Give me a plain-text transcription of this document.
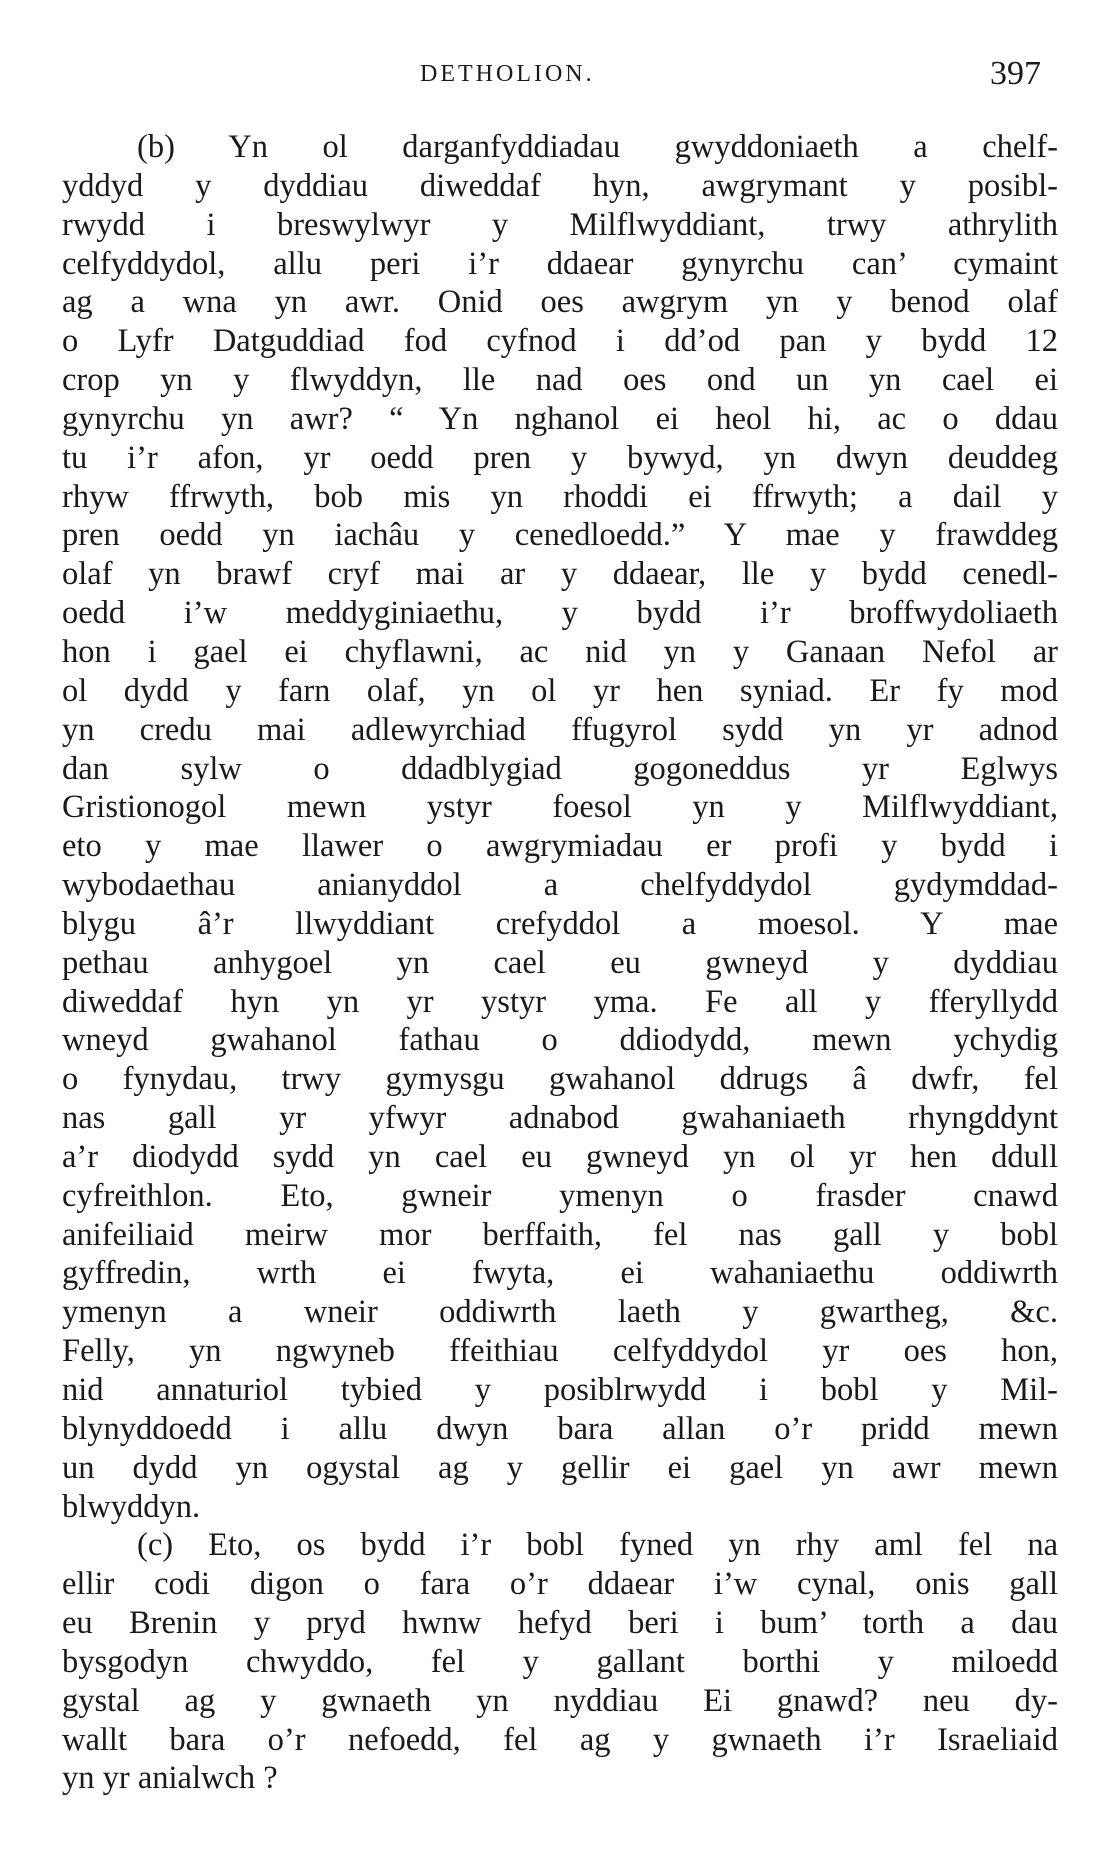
DETHOLION.	397
(b) Yn ol darganfyddiadau gwyddoniaeth a chelf-
yddyd y dyddiau diweddaf hyn, awgrymant y posibl-
rwydd i breswylwyr y Milflwyddiant, trwy athrylith
celfyddydol, allu peri i’r ddaear gynyrchu can’ cymaint
ag a wna yn awr. Onid oes awgrym yn y benod olaf
o Lyfr Datguddiad fod cyfnod i dd’od pan y bydd 12
crop yn y flwyddyn, lle nad oes ond un yn cael ei
gynyrchu yn awr? “ Yn nghanol ei heol hi, ac o ddau
tu i’r afon, yr oedd pren y bywyd, yn dwyn deuddeg
rhyw ffrwyth, bob mis yn rhoddi ei ffrwyth; a dail y
pren oedd yn iachâu y cenedloedd.” Y mae y frawddeg
olaf yn brawf cryf mai ar y ddaear, lle y bydd cenedl-
oedd i’w meddyginiaethu, y bydd i’r broffwydoliaeth
hon i gael ei chyflawni, ac nid yn y Ganaan Nefol ar
ol dydd y farn olaf, yn ol yr hen syniad. Er fy mod
yn credu mai adlewyrchiad ffugyrol sydd yn yr adnod
dan sylw o ddadblygiad gogoneddus yr Eglwys
Gristionogol mewn ystyr foesol yn y Milflwyddiant,
eto y mae llawer o awgrymiadau er profi y bydd i
wybodaethau anianyddol a chelfyddydol gydymddad-
blygu â’r llwyddiant crefyddol a moesol. Y mae
pethau anhygoel yn cael eu gwneyd y dyddiau
diweddaf hyn yn yr ystyr yma. Fe all y fferyllydd
wneyd gwahanol fathau o ddiodydd, mewn ychydig
o fynydau, trwy gymysgu gwahanol ddrugs â dwfr, fel
nas gall yr yfwyr adnabod gwahaniaeth rhyngddynt
a’r diodydd sydd yn cael eu gwneyd yn ol yr hen ddull
cyfreithlon. Eto, gwneir ymenyn o frasder cnawd
anifeiliaid meirw mor berffaith, fel nas gall y bobl
gyffredin, wrth ei fwyta, ei wahaniaethu oddiwrth
ymenyn a wneir oddiwrth laeth y gwartheg, &c.
Felly, yn ngwyneb ffeithiau celfyddydol yr oes hon,
nid annaturiol tybied y posiblrwydd i bobl y Mil-
blynyddoedd i allu dwyn bara allan o’r pridd mewn
un dydd yn ogystal ag y gellir ei gael yn awr mewn
blwyddyn.
(c) Eto, os bydd i’r bobl fyned yn rhy aml fel na
ellir codi digon o fara o’r ddaear i’w cynal, onis gall
eu Brenin y pryd hwnw hefyd beri i bum’ torth a dau
bysgodyn chwyddo, fel y gallant borthi y miloedd
gystal ag y gwnaeth yn nyddiau Ei gnawd? neu dy-
wallt bara o’r nefoedd, fel ag y gwnaeth i’r Israeliaid
yn yr anialwch ?
